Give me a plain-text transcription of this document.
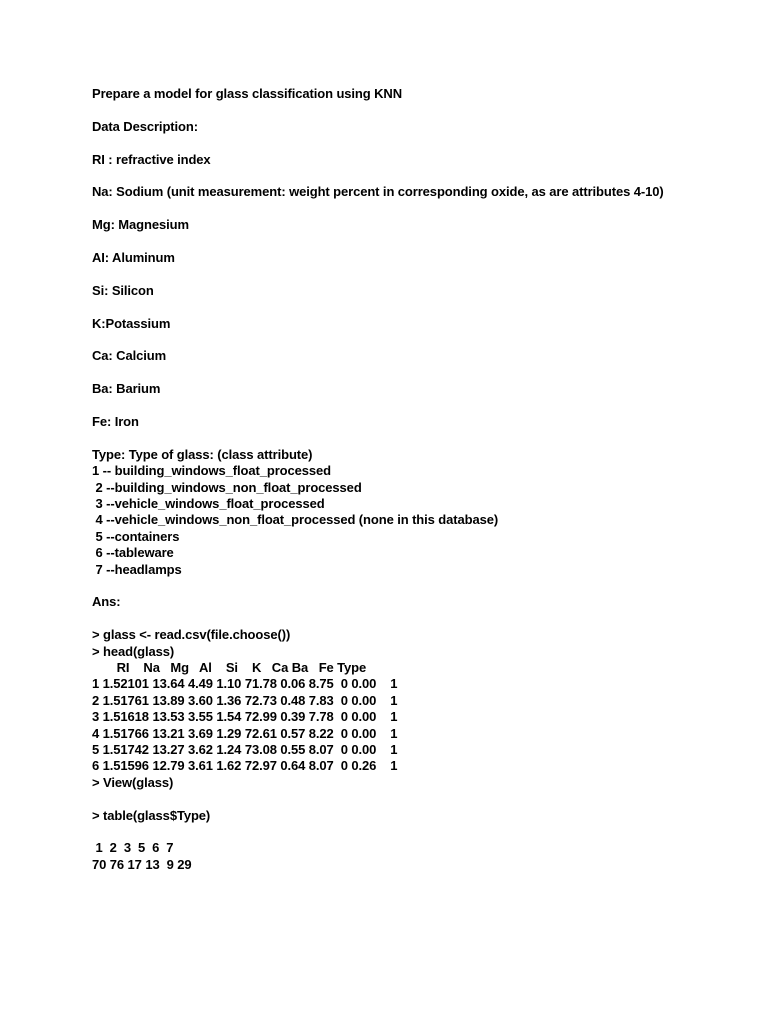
Prepare a model for glass classification using KNN
Data Description:
RI : refractive index
Na: Sodium (unit measurement: weight percent in corresponding oxide, as are attributes 4-10)
Mg: Magnesium
AI: Aluminum
Si: Silicon
K:Potassium
Ca: Calcium
Ba: Barium
Fe: Iron
Type: Type of glass: (class attribute)
1 -- building_windows_float_processed
2 --building_windows_non_float_processed
3 --vehicle_windows_float_processed
4 --vehicle_windows_non_float_processed (none in this database)
5 --containers
6 --tableware
7 --headlamps
Ans:
> glass <- read.csv(file.choose())
> head(glass)
RI    Na   Mg   Al    Si    K   Ca Ba   Fe Type
1 1.52101 13.64 4.49 1.10 71.78 0.06 8.75  0 0.00    1
2 1.51761 13.89 3.60 1.36 72.73 0.48 7.83  0 0.00    1
3 1.51618 13.53 3.55 1.54 72.99 0.39 7.78  0 0.00    1
4 1.51766 13.21 3.69 1.29 72.61 0.57 8.22  0 0.00    1
5 1.51742 13.27 3.62 1.24 73.08 0.55 8.07  0 0.00    1
6 1.51596 12.79 3.61 1.62 72.97 0.64 8.07  0 0.26    1
> View(glass)
> table(glass$Type)
1  2  3  5  6  7
70 76 17 13  9 29
